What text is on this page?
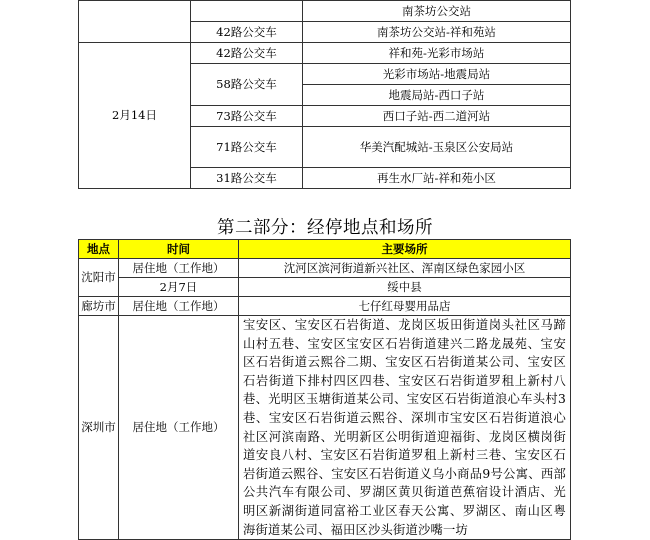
		南茶坊公交站
	42路公交车	南茶坊公交站-祥和苑站
2月14日	42路公交车	祥和苑-光彩市场站
	58路公交车	光彩市场站-地震局站
		地震局站-西口子站
	73路公交车	西口子站-西二道河站
	71路公交车	华美汽配城站-玉泉区公安局站
	31路公交车	再生水厂站-祥和苑小区
第二部分：经停地点和场所
地点	时间	主要场所
沈阳市	居住地（工作地）	沈河区滨河街道新兴社区、浑南区绿色家园小区
	2月7日	绥中县
廊坊市	居住地（工作地）	七仔红母婴用品店
深圳市	居住地（工作地）	宝安区、宝安区石岩街道、龙岗区坂田街道岗头社区马蹄山村五巷、宝安区宝安区石岩街道建兴二路龙晟苑、宝安区石岩街道云熙谷二期、宝安区石岩街道某公司、宝安区石岩街道下排村四区四巷、宝安区石岩街道罗租上新村八巷、光明区玉塘街道某公司、宝安区石岩街道浪心车头村3巷、宝安区石岩街道云熙谷、深圳市宝安区石岩街道浪心社区河滨南路、光明新区公明街道迎福街、龙岗区横岗街道安良八村、宝安区石岩街道罗租上新村三巷、宝安区石岩街道云熙谷、宝安区石岩街道义乌小商品9号公寓、西部公共汽车有限公司、罗湖区黄贝街道芭蕉宿设计酒店、光明区新湖街道同富裕工业区春天公寓、罗湖区、南山区粤海街道某公司、福田区沙头街道沙嘴一坊
